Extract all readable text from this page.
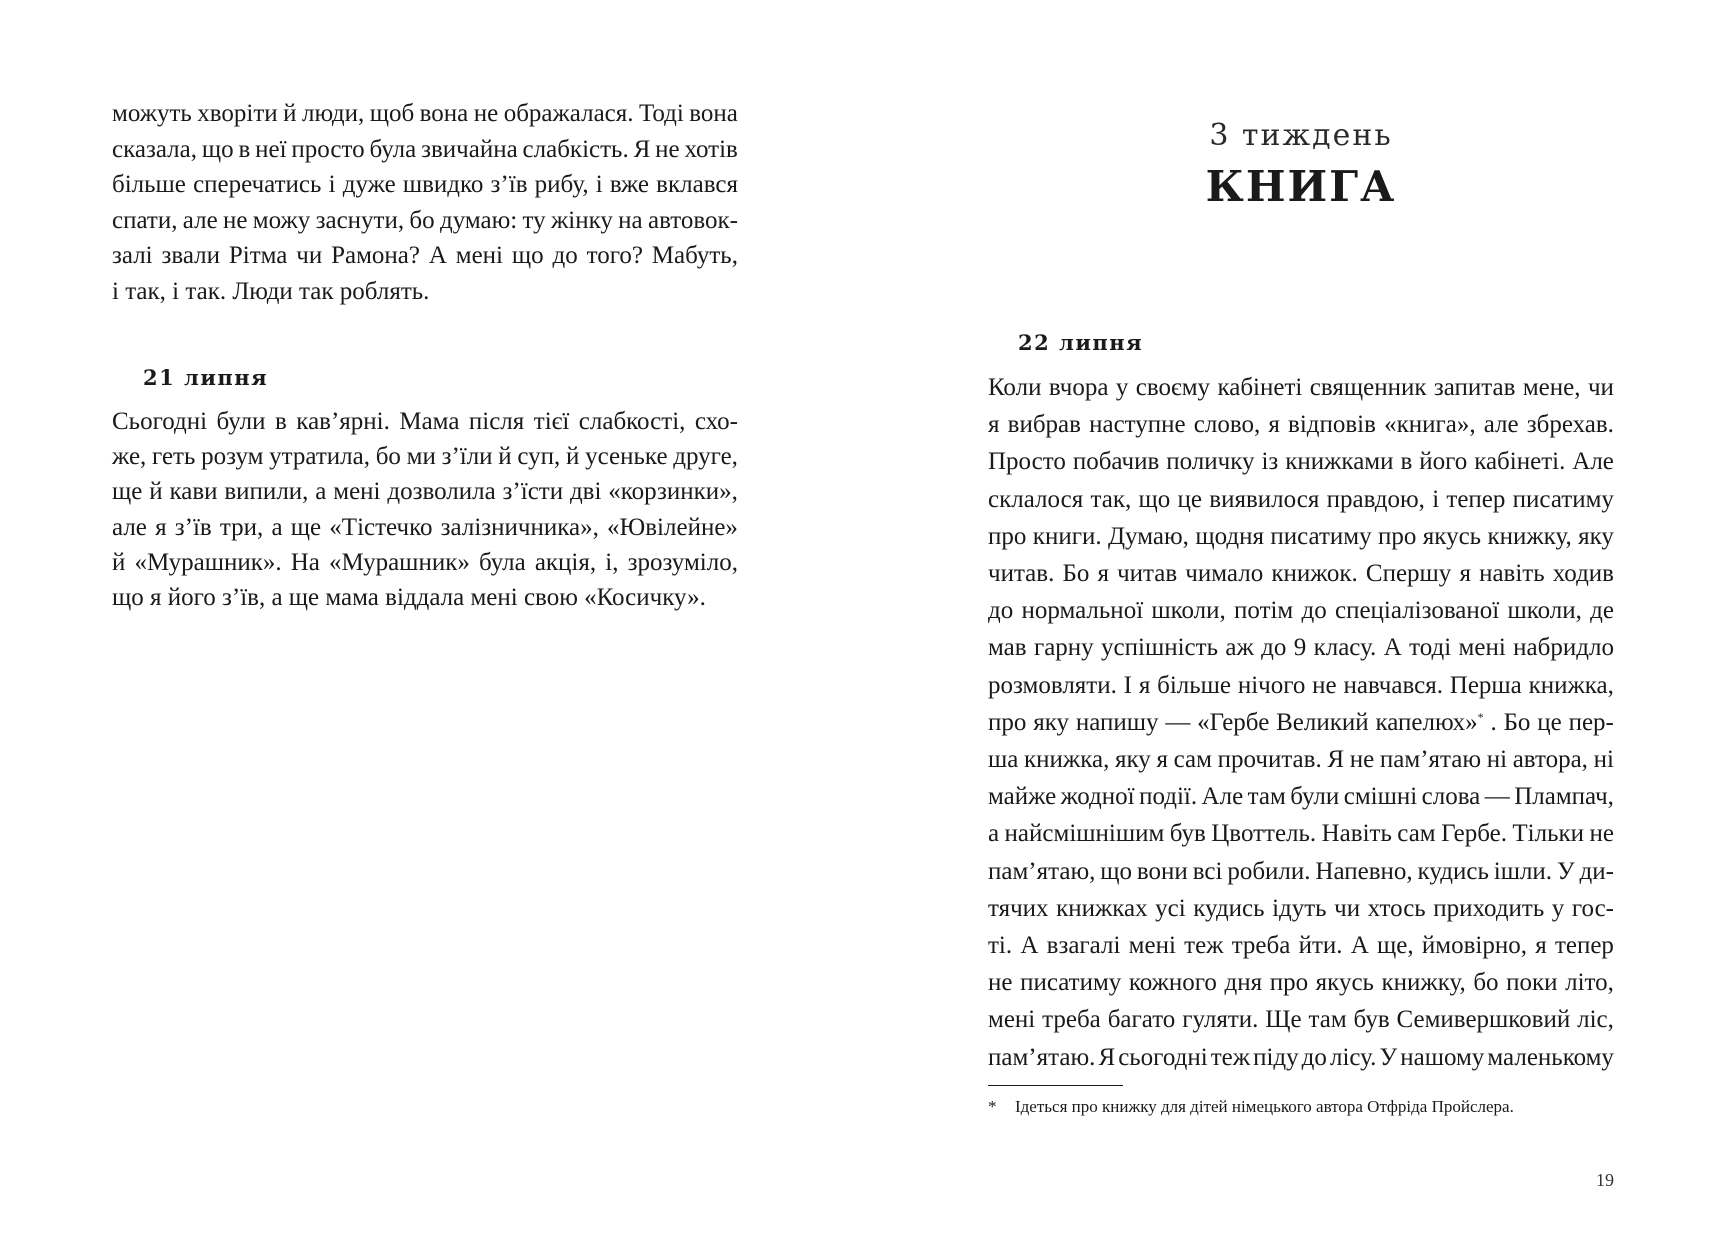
можуть хворіти й люди, щоб вона не ображалася. Тоді вона
сказала, що в неї просто була звичайна слабкість. Я не хотів
більше сперечатись і дуже швидко з’їв рибу, і вже вклався
спати, але не можу заснути, бо думаю: ту жінку на автовок-
залі звали Рітма чи Рамона? А мені що до того? Мабуть,
і так, і так. Люди так роблять.
21 липня
Сьогодні були в кав’ярні. Мама після тієї слабкості, схо-
же, геть розум утратила, бо ми з’їли й суп, й усеньке друге,
ще й кави випили, а мені дозволила з’їсти дві «корзинки»,
але я з’їв три, а ще «Тістечко залізничника», «Ювілейне»
й «Мурашник». На «Мурашник» була акція, і, зрозуміло,
що я його з’їв, а ще мама віддала мені свою «Косичку».
3 тиждень
КНИГА
22 липня
Коли вчора у своєму кабінеті священник запитав мене, чи
я вибрав наступне слово, я відповів «книга», але збрехав.
Просто побачив поличку із книжками в його кабінеті. Але
склалося так, що це виявилося правдою, і тепер писатиму
про книги. Думаю, щодня писатиму про якусь книжку, яку
читав. Бо я читав чимало книжок. Спершу я навіть ходив
до нормальної школи, потім до спеціалізованої школи, де
мав гарну успішність аж до 9 класу. А тоді мені набридло
розмовляти. І я більше нічого не навчався. Перша книжка,
про яку напишу — «Гербе Великий капелюх»* . Бо це пер-
ша книжка, яку я сам прочитав. Я не пам’ятаю ні автора, ні
майже жодної події. Але там були смішні слова — Плампач,
а найсмішнішим був Цвоттель. Навіть сам Гербе. Тільки не
пам’ятаю, що вони всі робили. Напевно, кудись ішли. У ди-
тячих книжках усі кудись ідуть чи хтось приходить у гос-
ті. А взагалі мені теж треба йти. А ще, ймовірно, я тепер
не писатиму кожного дня про якусь книжку, бо поки літо,
мені треба багато гуляти. Ще там був Семивершковий ліс,
пам’ятаю. Я сьогодні теж піду до лісу. У нашому маленькому
* Ідеться про книжку для дітей німецького автора Отфріда Пройслера.
19
